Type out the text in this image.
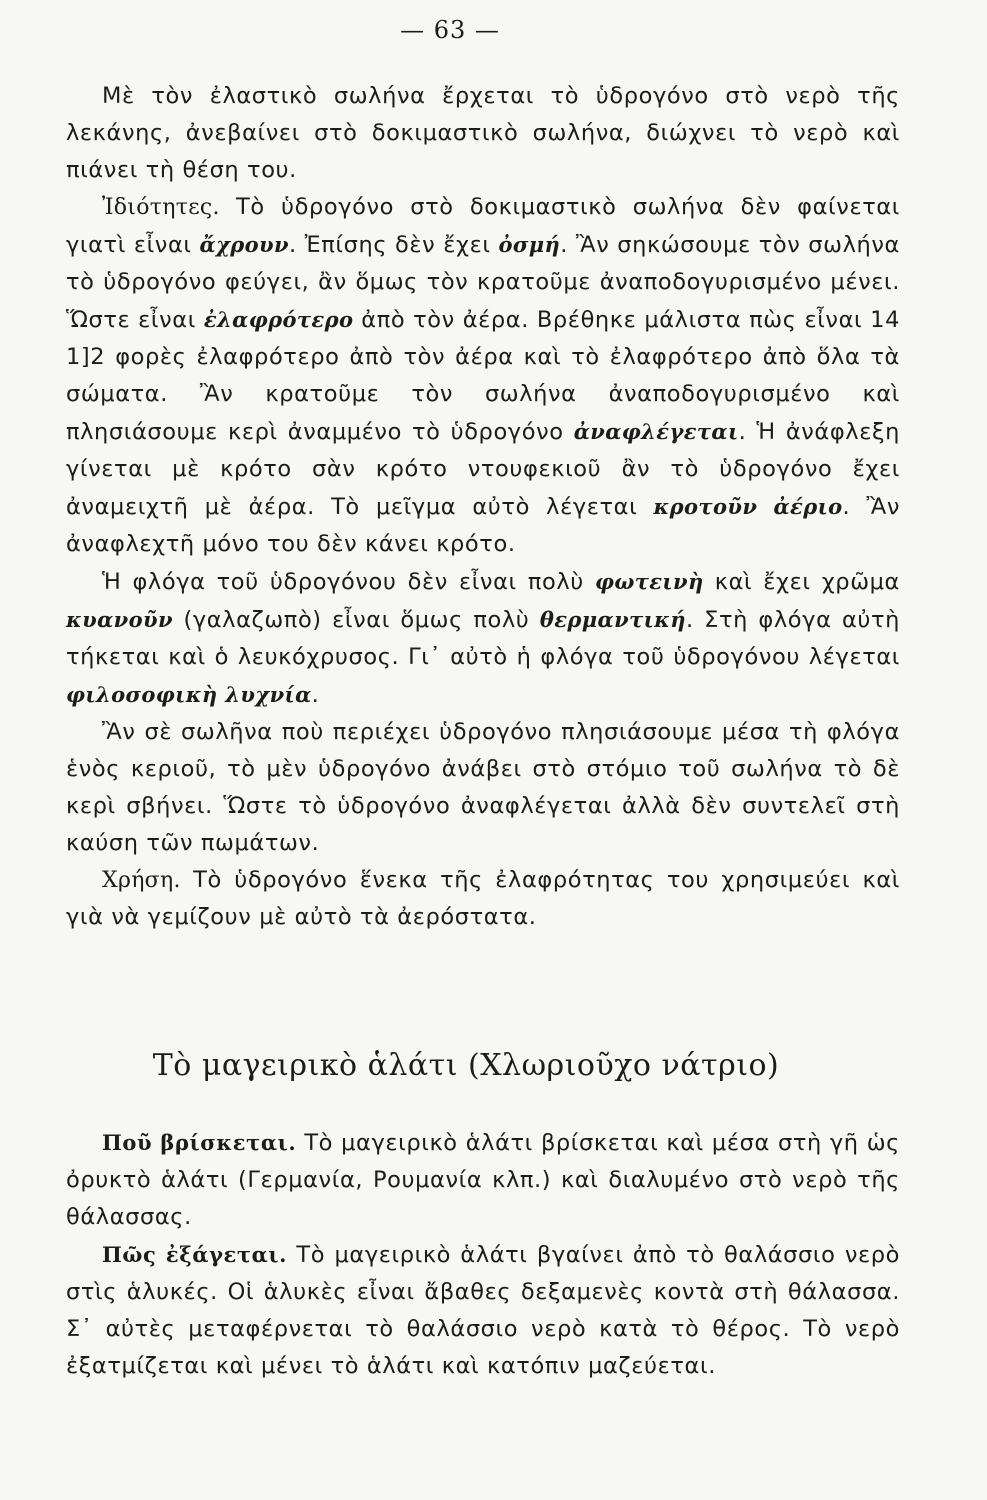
— 63 —

Μὲ τὸν ἐλαστικὸ σωλήνα ἔρχεται τὸ ὑδρογόνο στὸ νερὸ τῆς λεκάνης, ἀνεβαίνει στὸ δοκιμαστικὸ σωλήνα, διώχνει τὸ νερὸ καὶ πιάνει τὴ θέση του.

Ἰδιότητες. Τὸ ὑδρογόνο στὸ δοκιμαστικὸ σωλήνα δὲν φαίνεται γιατὶ εἶναι ἄχρουν. Ἐπίσης δὲν ἔχει ὀσμή. Ἂν σηκώσουμε τὸν σωλήνα τὸ ὑδρογόνο φεύγει, ἂν ὅμως τὸν κρατοῦμε ἀναποδογυρισμένο μένει. Ὥστε εἶναι ἐλαφρότερο ἀπὸ τὸν ἀέρα. Βρέθηκε μάλιστα πὼς εἶναι 14 1]2 φορὲς ἐλαφρότερο ἀπὸ τὸν ἀέρα καὶ τὸ ἐλαφρότερο ἀπὸ ὅλα τὰ σώματα. Ἂν κρατοῦμε τὸν σωλήνα ἀναποδογυρισμένο καὶ πλησιάσουμε κερὶ ἀναμμένο τὸ ὑδρογόνο ἀναφλέγεται. Ἡ ἀνάφλεξη γίνεται μὲ κρότο σὰν κρότο ντουφεκιοῦ ἂν τὸ ὑδρογόνο ἔχει ἀναμειχτῆ μὲ ἀέρα. Τὸ μεῖγμα αὐτὸ λέγεται κροτοῦν ἀέριο. Ἂν ἀναφλεχτῆ μόνο του δὲν κάνει κρότο.

Ἡ φλόγα τοῦ ὑδρογόνου δὲν εἶναι πολὺ φωτεινὴ καὶ ἔχει χρῶμα κυανοῦν (γαλαζωπὸ) εἶναι ὅμως πολὺ θερμαντική. Στὴ φλόγα αὐτὴ τήκεται καὶ ὁ λευκόχρυσος. Γι᾽ αὐτὸ ἡ φλόγα τοῦ ὑδρογόνου λέγεται φιλοσοφικὴ λυχνία.

Ἂν σὲ σωλῆνα ποὺ περιέχει ὑδρογόνο πλησιάσουμε μέσα τὴ φλόγα ἑνὸς κεριοῦ, τὸ μὲν ὑδρογόνο ἀνάβει στὸ στόμιο τοῦ σωλήνα τὸ δὲ κερὶ σβήνει. Ὥστε τὸ ὑδρογόνο ἀναφλέγεται ἀλλὰ δὲν συντελεῖ στὴ καύση τῶν πωμάτων.

Χρήση. Τὸ ὑδρογόνο ἕνεκα τῆς ἐλαφρότητας του χρησιμεύει καὶ γιὰ νὰ γεμίζουν μὲ αὐτὸ τὰ ἀερόστατα.

Τὸ μαγειρικὸ ἁλάτι (Χλωριοῦχο νάτριο)

Ποῦ βρίσκεται. Τὸ μαγειρικὸ ἁλάτι βρίσκεται καὶ μέσα στὴ γῆ ὡς ὀρυκτὸ ἁλάτι (Γερμανία, Ρουμανία κλπ.) καὶ διαλυμένο στὸ νερὸ τῆς θάλασσας.

Πῶς ἐξάγεται. Τὸ μαγειρικὸ ἁλάτι βγαίνει ἀπὸ τὸ θαλάσσιο νερὸ στὶς ἁλυκές. Οἱ ἁλυκὲς εἶναι ἄβαθες δεξαμενὲς κοντὰ στὴ θάλασσα. Σ᾽ αὐτὲς μεταφέρνεται τὸ θαλάσσιο νερὸ κατὰ τὸ θέρος. Τὸ νερὸ ἐξατμίζεται καὶ μένει τὸ ἁλάτι καὶ κατόπιν μαζεύεται.
